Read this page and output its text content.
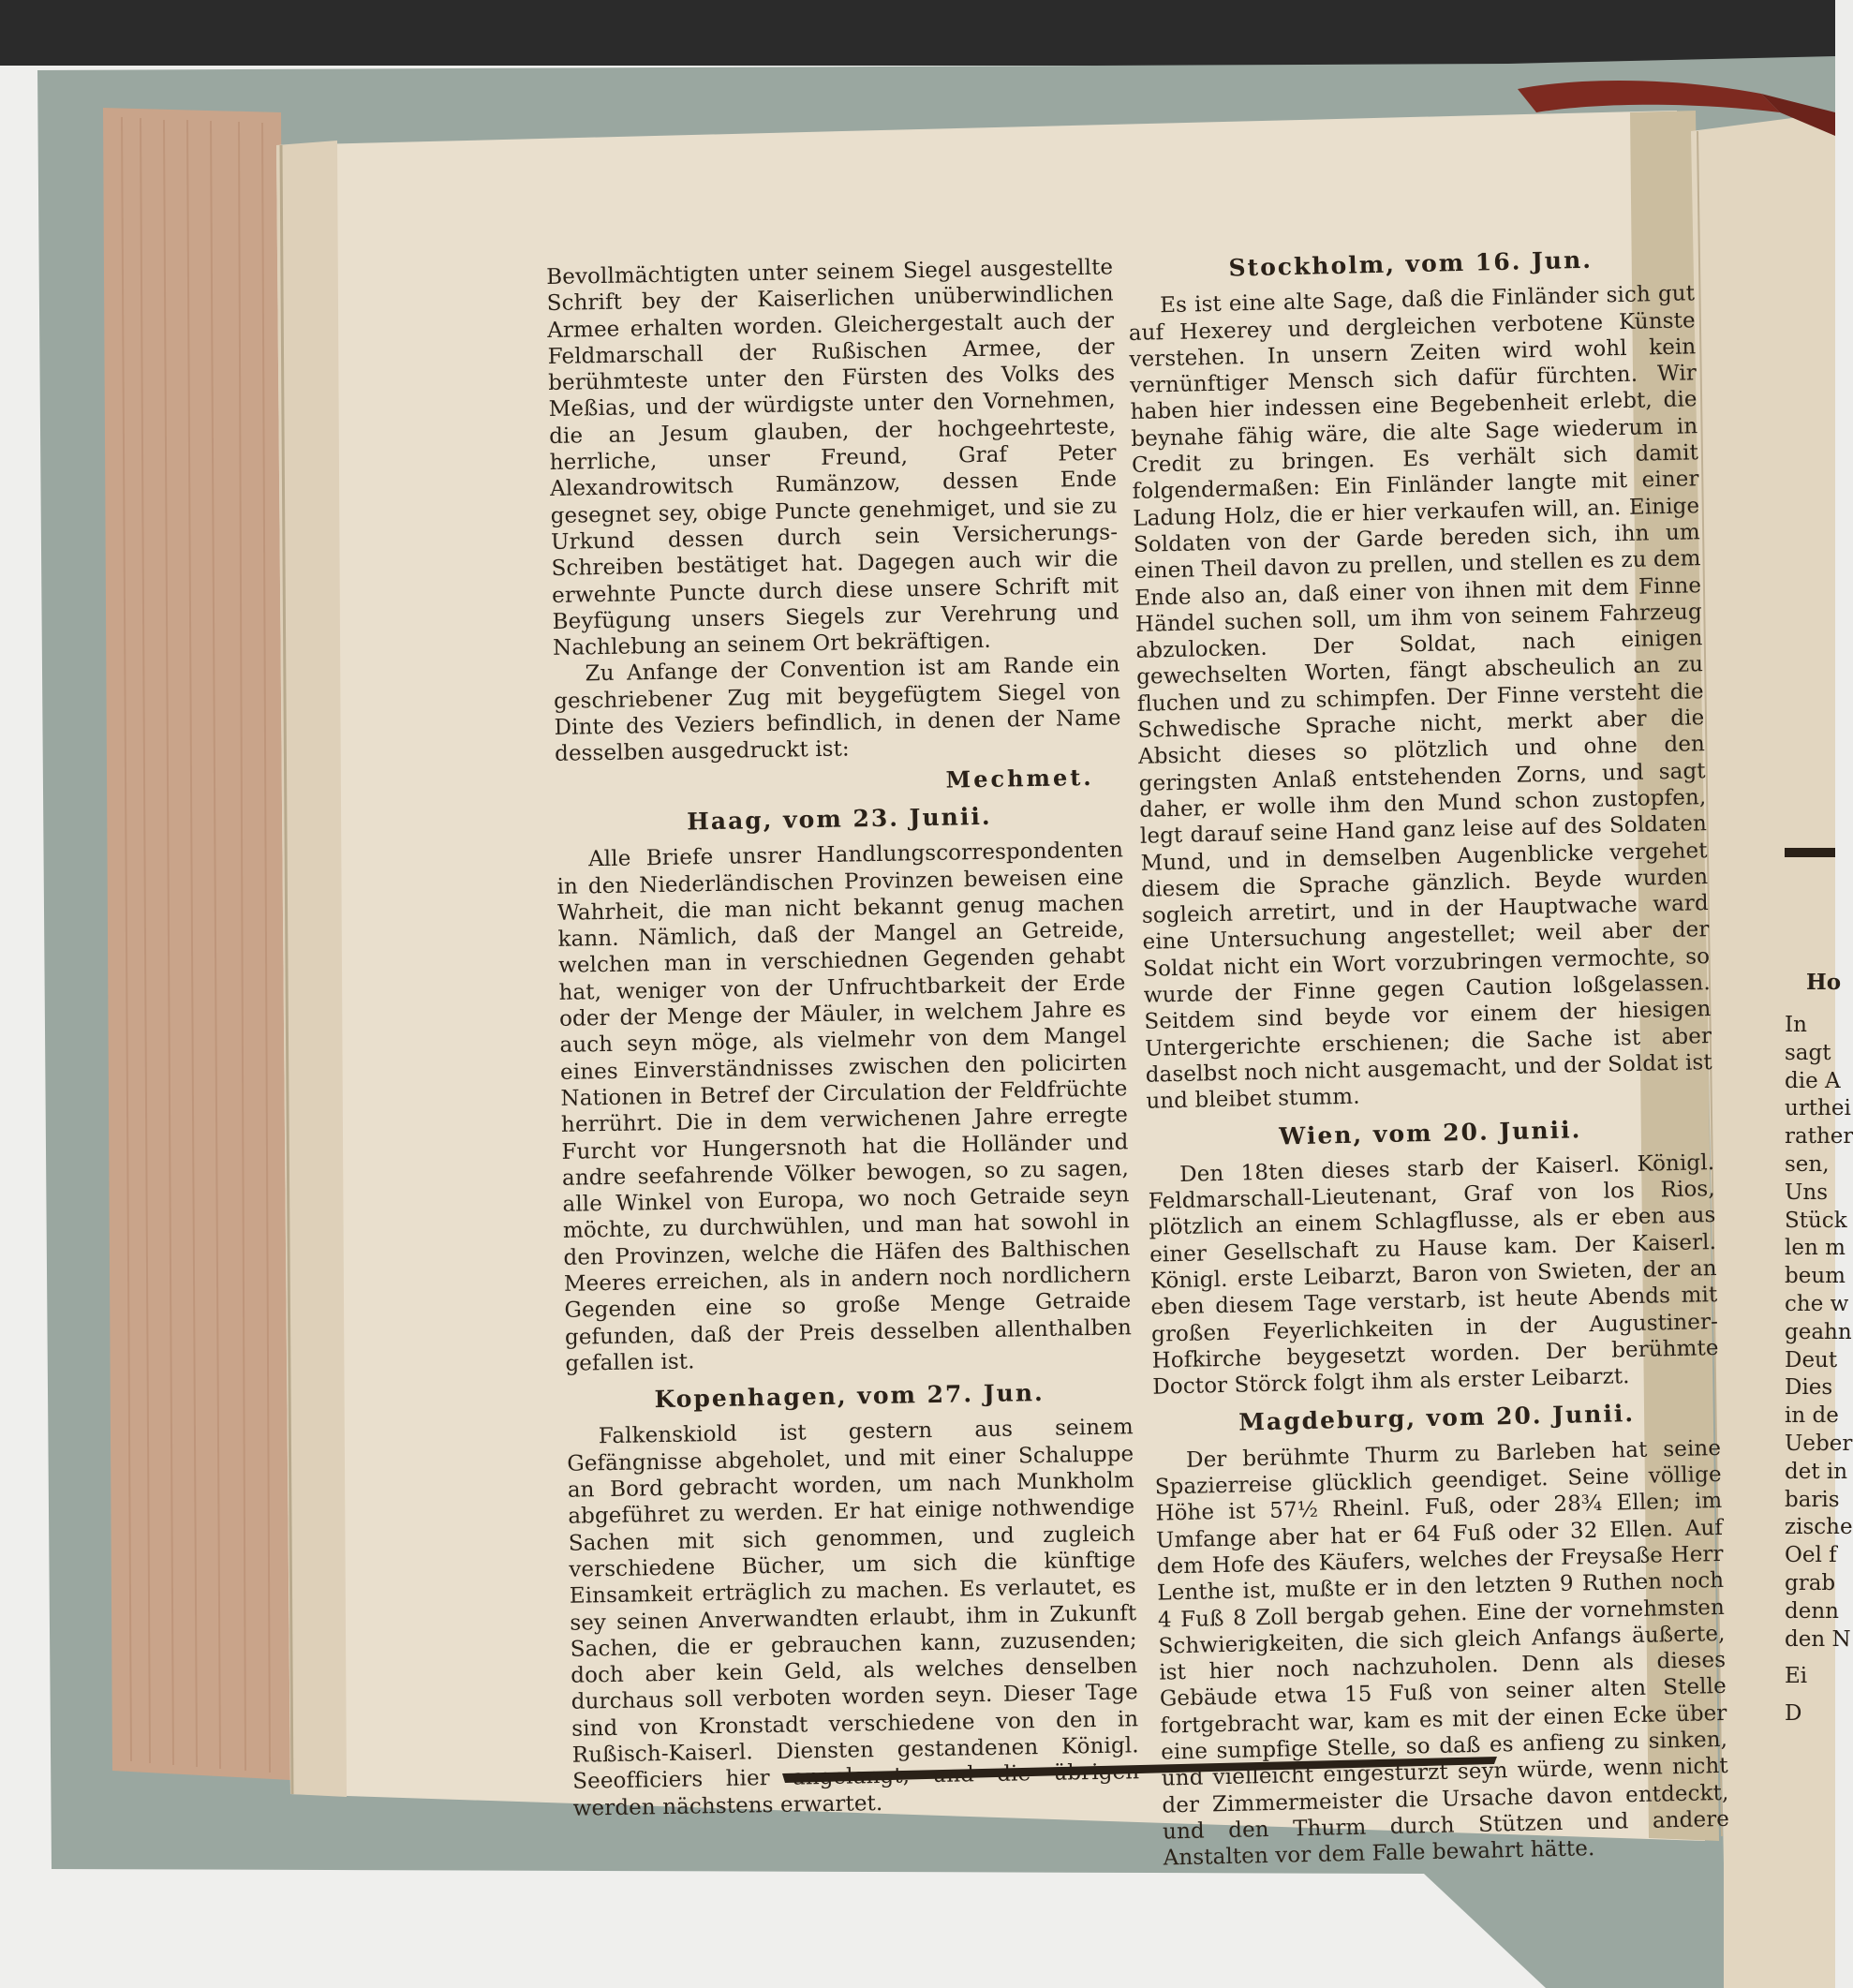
Bevollmächtigten unter seinem Siegel ausgestellte Schrift bey der Kaiserlichen unüberwindlichen Armee erhalten worden. Gleichergestalt auch der Feldmarschall der Rußischen Armee, der berühmteste unter den Fürsten des Volks des Meßias, und der würdigste unter den Vornehmen, die an Jesum glauben, der hochgeehrteste, herrliche, unser Freund, Graf Peter Alexandrowitsch Rumänzow, dessen Ende gesegnet sey, obige Puncte genehmiget, und sie zu Urkund dessen durch sein Versicherungs-Schreiben bestätiget hat. Dagegen auch wir die erwehnte Puncte durch diese unsere Schrift mit Beyfügung unsers Siegels zur Verehrung und Nachlebung an seinem Ort bekräftigen.

Zu Anfange der Convention ist am Rande ein geschriebener Zug mit beygefügtem Siegel von Dinte des Veziers befindlich, in denen der Name desselben ausgedruckt ist:

Mechmet.
Haag, vom 23. Junii.

Alle Briefe unsrer Handlungscorrespondenten in den Niederländischen Provinzen beweisen eine Wahrheit, die man nicht bekannt genug machen kann. Nämlich, daß der Mangel an Getreide, welchen man in verschiednen Gegenden gehabt hat, weniger von der Unfruchtbarkeit der Erde oder der Menge der Mäuler, in welchem Jahre es auch seyn möge, als vielmehr von dem Mangel eines Einverständnisses zwischen den policirten Nationen in Betref der Circulation der Feldfrüchte herrührt. Die in dem verwichenen Jahre erregte Furcht vor Hungersnoth hat die Holländer und andre seefahrende Völker bewogen, so zu sagen, alle Winkel von Europa, wo noch Getraide seyn möchte, zu durchwühlen, und man hat sowohl in den Provinzen, welche die Häfen des Balthischen Meeres erreichen, als in andern noch nordlichern Gegenden eine so große Menge Getraide gefunden, daß der Preis desselben allenthalben gefallen ist.

Kopenhagen, vom 27. Jun.

Falkenskiold ist gestern aus seinem Gefängnisse abgeholet, und mit einer Schaluppe an Bord gebracht worden, um nach Munkholm abgeführet zu werden. Er hat einige nothwendige Sachen mit sich genommen, und zugleich verschiedene Bücher, um sich die künftige Einsamkeit erträglich zu machen. Es verlautet, es sey seinen Anverwandten erlaubt, ihm in Zukunft Sachen, die er gebrauchen kann, zuzusenden; doch aber kein Geld, als welches denselben durchaus soll verboten worden seyn. Dieser Tage sind von Kronstadt verschiedene von den in Rußisch-Kaiserl. Diensten gestandenen Königl. Seeofficiers hier angelangt, und die übrigen werden nächstens erwartet.

Stockholm, vom 16. Jun.

Es ist eine alte Sage, daß die Finländer sich gut auf Hexerey und dergleichen verbotene Künste verstehen. In unsern Zeiten wird wohl kein vernünftiger Mensch sich dafür fürchten. Wir haben hier indessen eine Begebenheit erlebt, die beynahe fähig wäre, die alte Sage wiederum in Credit zu bringen. Es verhält sich damit folgendermaßen: Ein Finländer langte mit einer Ladung Holz, die er hier verkaufen will, an. Einige Soldaten von der Garde bereden sich, ihn um einen Theil davon zu prellen, und stellen es zu dem Ende also an, daß einer von ihnen mit dem Finne Händel suchen soll, um ihm von seinem Fahrzeug abzulocken. Der Soldat, nach einigen gewechselten Worten, fängt abscheulich an zu fluchen und zu schimpfen. Der Finne versteht die Schwedische Sprache nicht, merkt aber die Absicht dieses so plötzlich und ohne den geringsten Anlaß entstehenden Zorns, und sagt daher, er wolle ihm den Mund schon zustopfen, legt darauf seine Hand ganz leise auf des Soldaten Mund, und in demselben Augenblicke vergehet diesem die Sprache gänzlich. Beyde wurden sogleich arretirt, und in der Hauptwache ward eine Untersuchung angestellet; weil aber der Soldat nicht ein Wort vorzubringen vermochte, so wurde der Finne gegen Caution loßgelassen. Seitdem sind beyde vor einem der hiesigen Untergerichte erschienen; die Sache ist aber daselbst noch nicht ausgemacht, und der Soldat ist und bleibet stumm.

Wien, vom 20. Junii.

Den 18ten dieses starb der Kaiserl. Königl. Feldmarschall-Lieutenant, Graf von los Rios, plötzlich an einem Schlagflusse, als er eben aus einer Gesellschaft zu Hause kam. Der Kaiserl. Königl. erste Leibarzt, Baron von Swieten, der an eben diesem Tage verstarb, ist heute Abends mit großen Feyerlichkeiten in der Augustiner-Hofkirche beygesetzt worden. Der berühmte Doctor Störck folgt ihm als erster Leibarzt.

Magdeburg, vom 20. Junii.

Der berühmte Thurm zu Barleben hat seine Spazierreise glücklich geendiget. Seine völlige Höhe ist 57½ Rheinl. Fuß, oder 28¾ Ellen; im Umfange aber hat er 64 Fuß oder 32 Ellen. Auf dem Hofe des Käufers, welches der Freysaße Herr Lenthe ist, mußte er in den letzten 9 Ruthen noch 4 Fuß 8 Zoll bergab gehen. Eine der vornehmsten Schwierigkeiten, die sich gleich Anfangs äußerte, ist hier noch nachzuholen. Denn als dieses Gebäude etwa 15 Fuß von seiner alten Stelle fortgebracht war, kam es mit der einen Ecke über eine sumpfige Stelle, so daß es anfieng zu sinken, und vielleicht eingestürzt seyn würde, wenn nicht der Zimmermeister die Ursache davon entdeckt, und den Thurm durch Stützen und andere Anstalten vor dem Falle bewahrt hätte.

Ho
In
sagt
die A
urthei
rather
sen,
Uns
Stück
len m
beum
che w
geahn
Deut
Dies
in de
Ueber
det in
baris
zische
Oel f
grab
denn
den N
Ei
D
